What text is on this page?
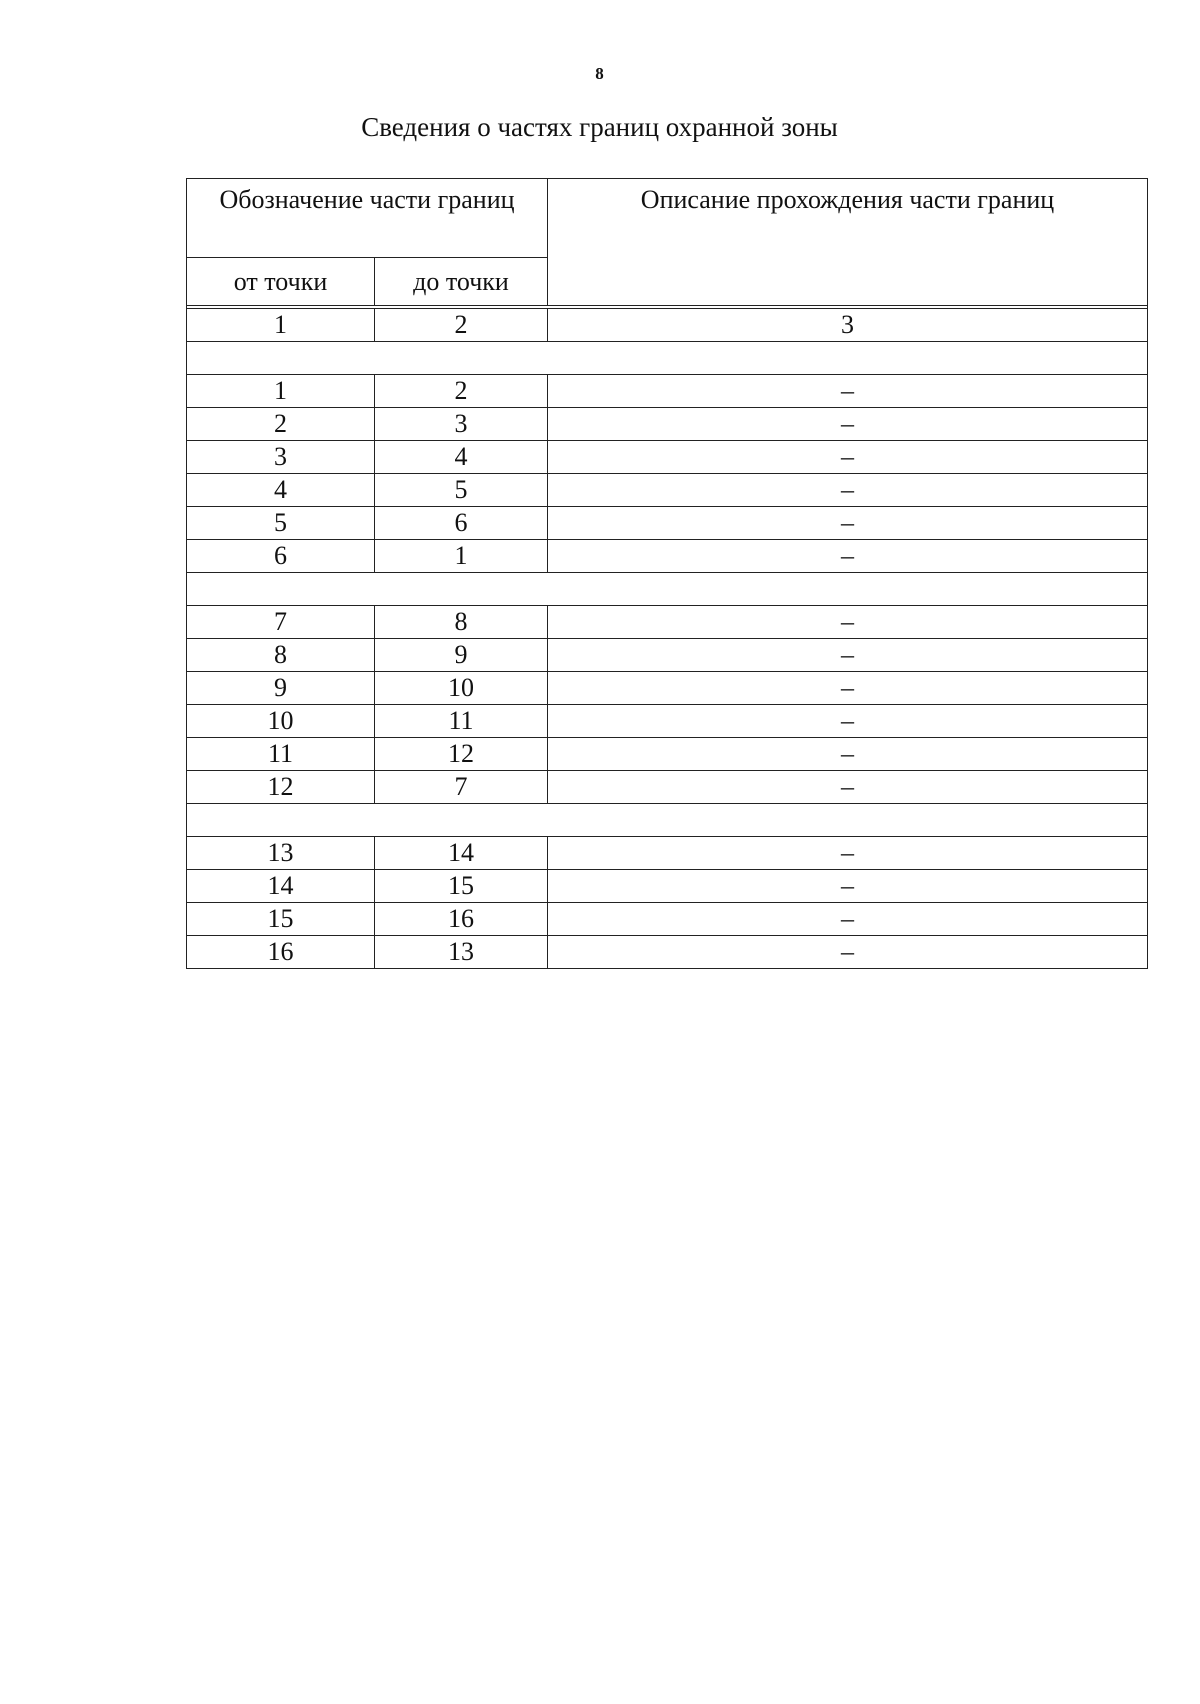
8
Сведения о частях границ охранной зоны
Обозначение части границ		Описание прохождения части границ
от точки	до точки	

1	2	3

1	2	–
2	3	–
3	4	–
4	5	–
5	6	–
6	1	–

7	8	–
8	9	–
9	10	–
10	11	–
11	12	–
12	7	–

13	14	–
14	15	–
15	16	–
16	13	–
